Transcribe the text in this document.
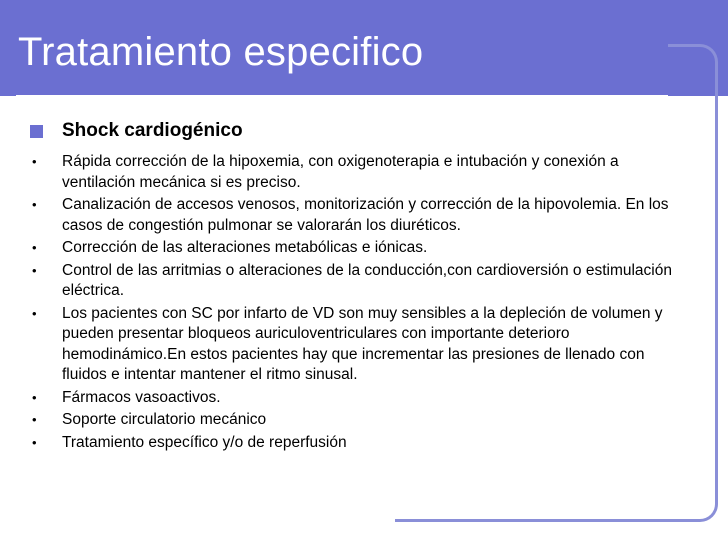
Tratamiento especifico
Shock cardiogénico
• Rápida corrección de la hipoxemia, con oxigenoterapia e intubación y conexión a ventilación mecánica si es preciso.
• Canalización de accesos venosos, monitorización y corrección de la hipovolemia. En los casos de congestión pulmonar se valorarán los diuréticos.
• Corrección de las alteraciones metabólicas e iónicas.
• Control de las arritmias o alteraciones de la conducción,con cardioversión o estimulación eléctrica.
• Los pacientes con SC por infarto de VD son muy sensibles a la depleción de volumen y pueden presentar bloqueos auriculoventriculares con importante deterioro hemodinámico.En estos pacientes hay que incrementar las presiones de llenado con fluidos e intentar mantener el ritmo sinusal.
• Fármacos vasoactivos.
• Soporte circulatorio mecánico
• Tratamiento específico y/o de reperfusión
